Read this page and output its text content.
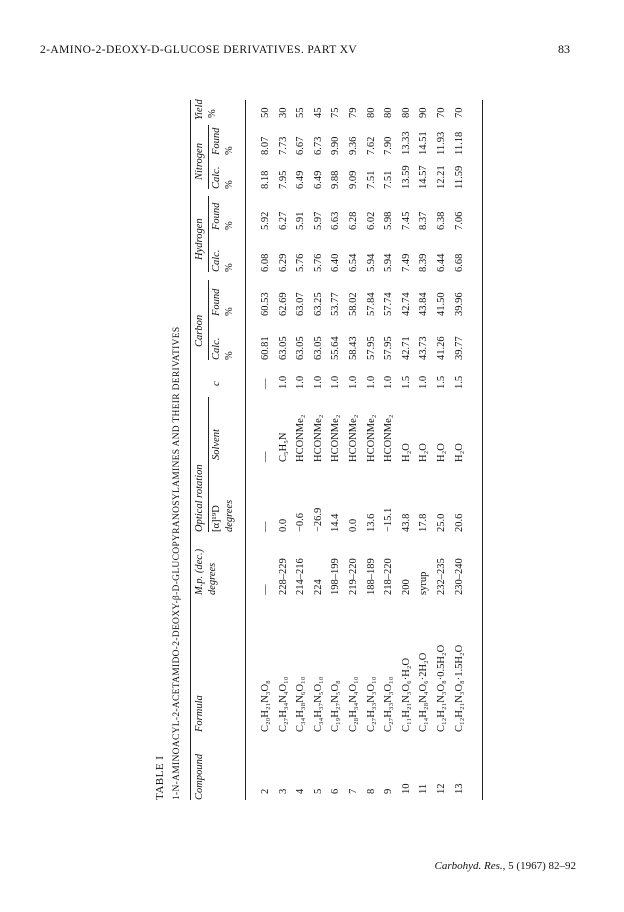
2-AMINO-2-DEOXY-D-GLUCOSE DERIVATIVES. PART XV	83
TABLE I 1-N-AMINOACYL-2-ACETAMIDO-2-DEOXY-β-D-GLUCOPYRANOSYLAMINES AND THEIR DERIVATIVES Compound
Formula
M.p. (dec.) degrees
Optical rotation [α]¹⁹D degrees
Solvent
c
Carbon
Calc. %
Found %
Hydrogen
Calc. %
Found %
Nitrogen Calc. %
Found %
Yield %
2
C₂₀H₂₁N₃O₈
—
—
—
—
60.81
60.53
6.08
5.92
8.18
8.07
50
3
C₂₇H₃₄N₄O₁₀
228–229
0.0
C₅H₅N
1.0
63.05
62.69
6.29
6.27
7.95
7.73
30
4
C₃₄H₃₈N₆O₁₀
214–216
−0.6
HCONMe₂
1.0
63.05
63.07
5.76
5.91
6.49
6.67
55
5
C₃₄H₃₇N₅O₁₀
224
−26.9
HCONMe₂
1.0
63.05
63.25
5.76
5.97
6.49
6.73
45
6
C₁₉H₂₇N₅O₈
198–199
14.4
HCONMe₂
1.0
55.64
53.77
6.40
6.63
9.88
9.90
75
7
C₂₈H₃₄N₄O₁₀
219–220
0.0
HCONMe₂
1.0
58.43
58.02
6.54
6.28
9.09
9.36
79
8
C₂₇H₃₃N₃O₁₀
188–189
13.6
HCONMe₂
1.0
57.95
57.84
5.94
6.02
7.51
7.62
80
9
C₂₇H₃₃N₃O₁₀
218–220
−15.1
HCONMe₂
1.0
57.95
57.74
5.94
5.98
7.51
7.90
80
10
C₁₁H₂₁N₃O₆·H₂O
200
43.8
H₂O
1.5
42.71
42.74
7.49
7.45
13.59
13.33
80
11
C₁₄H₂₈N₄O₆·2H₂O
syrup
17.8
H₂O
1.0
43.73
43.84
8.39
8.37
14.57
14.51
90
12
C₁₂H₂₁N₃O₈·0.5H₂O
232–235
25.0
H₂O
1.5
41.26
41.50
6.44
6.38
12.21
11.93
70
13
C₁₂H₂₁N₃O₈·1.5H₂O
230–240
20.6
H₂O
1.5
39.77
39.96
6.68
7.06
11.59
11.18
70
Carbohyd. Res., 5 (1967) 82–92
